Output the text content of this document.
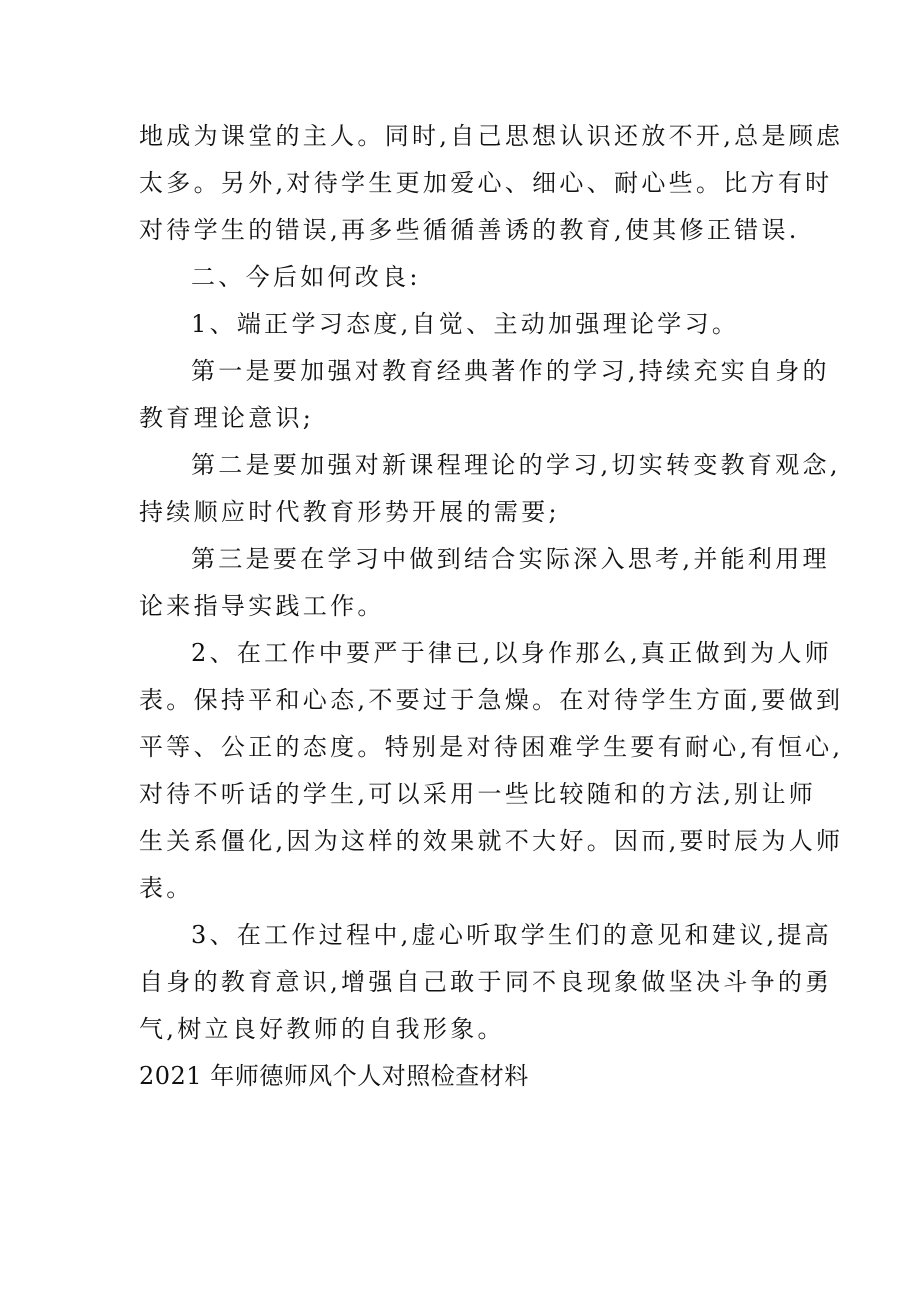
地成为课堂的主人。同时,自己思想认识还放不开,总是顾虑
太多。另外,对待学生更加爱心、细心、耐心些。比方有时
对待学生的错误,再多些循循善诱的教育,使其修正错误.
二、今后如何改良:
1、端正学习态度,自觉、主动加强理论学习。
第一是要加强对教育经典著作的学习,持续充实自身的
教育理论意识;
第二是要加强对新课程理论的学习,切实转变教育观念,
持续顺应时代教育形势开展的需要;
第三是要在学习中做到结合实际深入思考,并能利用理
论来指导实践工作。
2、在工作中要严于律已,以身作那么,真正做到为人师
表。保持平和心态,不要过于急燥。在对待学生方面,要做到
平等、公正的态度。特别是对待困难学生要有耐心,有恒心,
对待不听话的学生,可以采用一些比较随和的方法,别让师
生关系僵化,因为这样的效果就不大好。因而,要时辰为人师
表。
3、在工作过程中,虚心听取学生们的意见和建议,提高
自身的教育意识,增强自己敢于同不良现象做坚决斗争的勇
气,树立良好教师的自我形象。
2021 年师德师风个人对照检查材料
